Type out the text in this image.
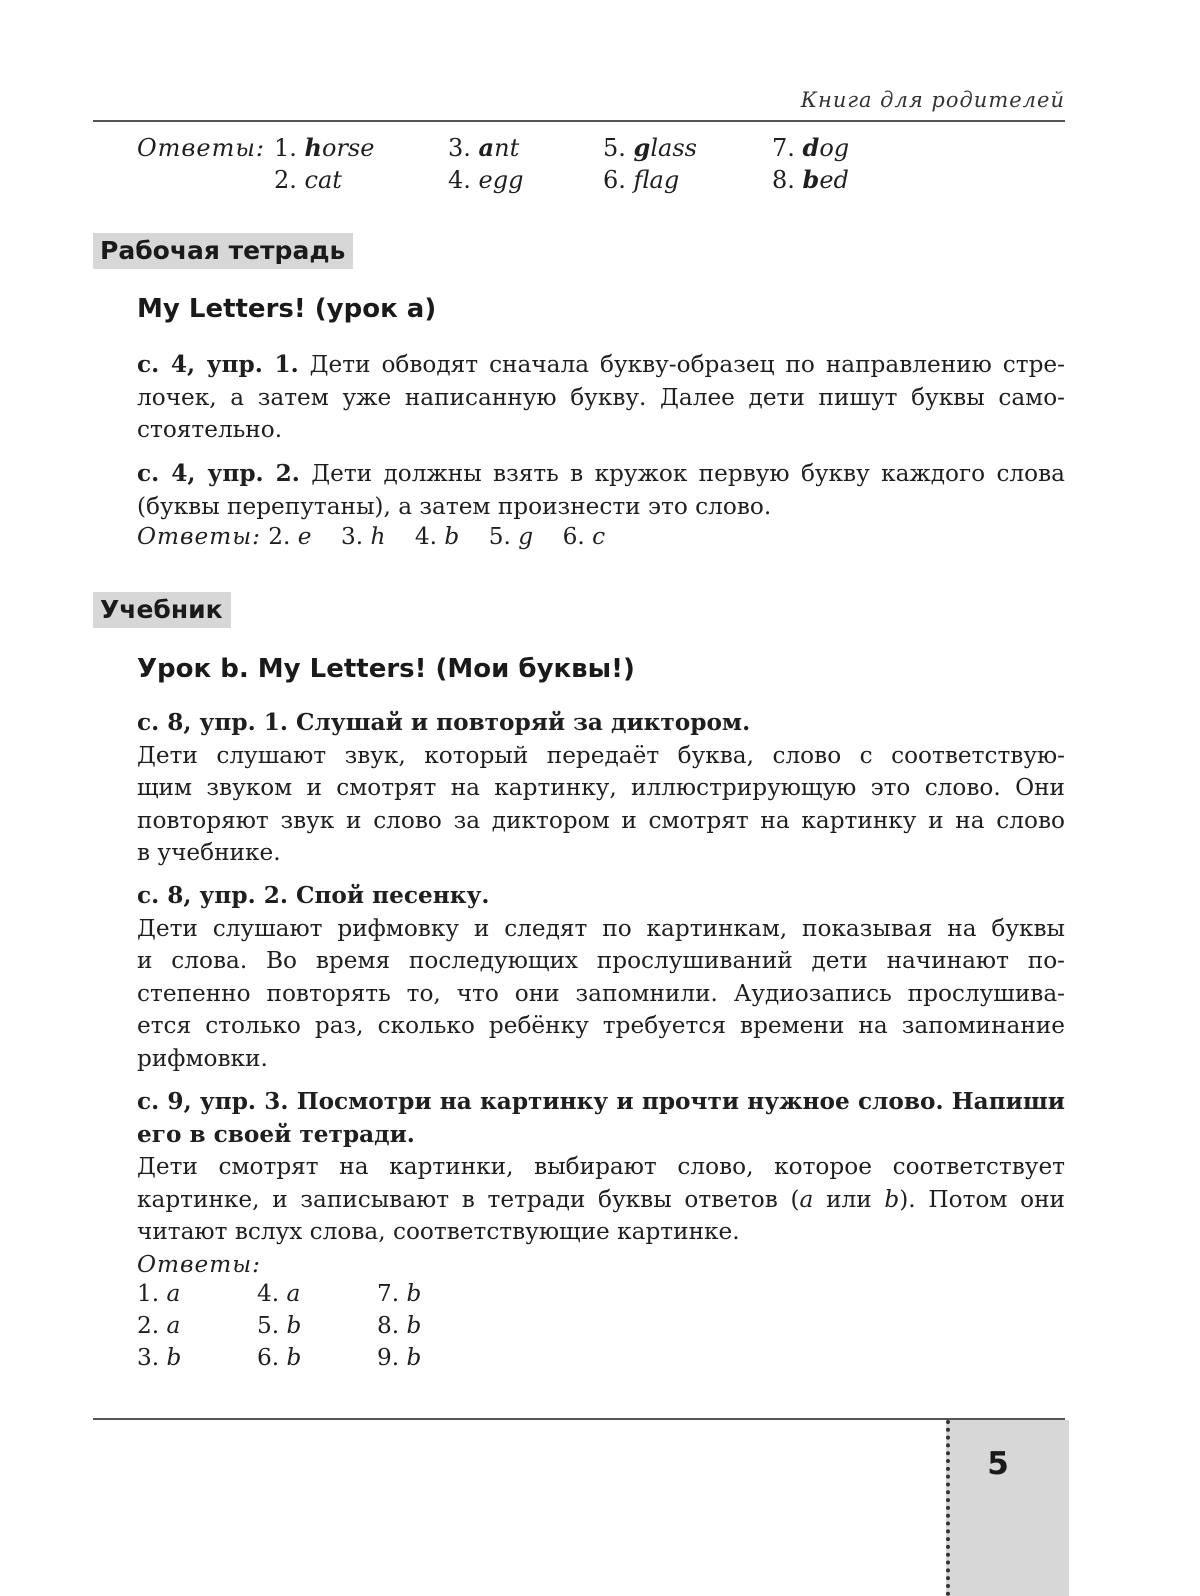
Книга для родителей
Ответы: 1. horse
2. cat
3. ant
4. egg
5. glass
6. flag
7. dog
8. bed
Рабочая тетрадь
My Letters! (урок a)
с. 4, упр. 1. Дети обводят сначала букву-образец по направлению стре-
лочек, а затем уже написанную букву. Далее дети пишут буквы само-
стоятельно.
с. 4, упр. 2. Дети должны взять в кружок первую букву каждого слова
(буквы перепутаны), а затем произнести это слово.
Ответы: 2. e 3. h 4. b 5. g 6. c
Учебник
Урок b. My Letters! (Мои буквы!)
с. 8, упр. 1. Слушай и повторяй за диктором.
Дети слушают звук, который передаёт буква, слово с соответствую-
щим звуком и смотрят на картинку, иллюстрирующую это слово. Они
повторяют звук и слово за диктором и смотрят на картинку и на слово
в учебнике.
с. 8, упр. 2. Спой песенку.
Дети слушают рифмовку и следят по картинкам, показывая на буквы
и слова. Во время последующих прослушиваний дети начинают по-
степенно повторять то, что они запомнили. Аудиозапись прослушива-
ется столько раз, сколько ребёнку требуется времени на запоминание
рифмовки.
с. 9, упр. 3. Посмотри на картинку и прочти нужное слово. Напиши
его в своей тетради.
Дети смотрят на картинки, выбирают слово, которое соответствует
картинке, и записывают в тетради буквы ответов (a или b). Потом они
читают вслух слова, соответствующие картинке.
Ответы:
1. a
2. a
3. b
4. a
5. b
6. b
7. b
8. b
9. b
5
